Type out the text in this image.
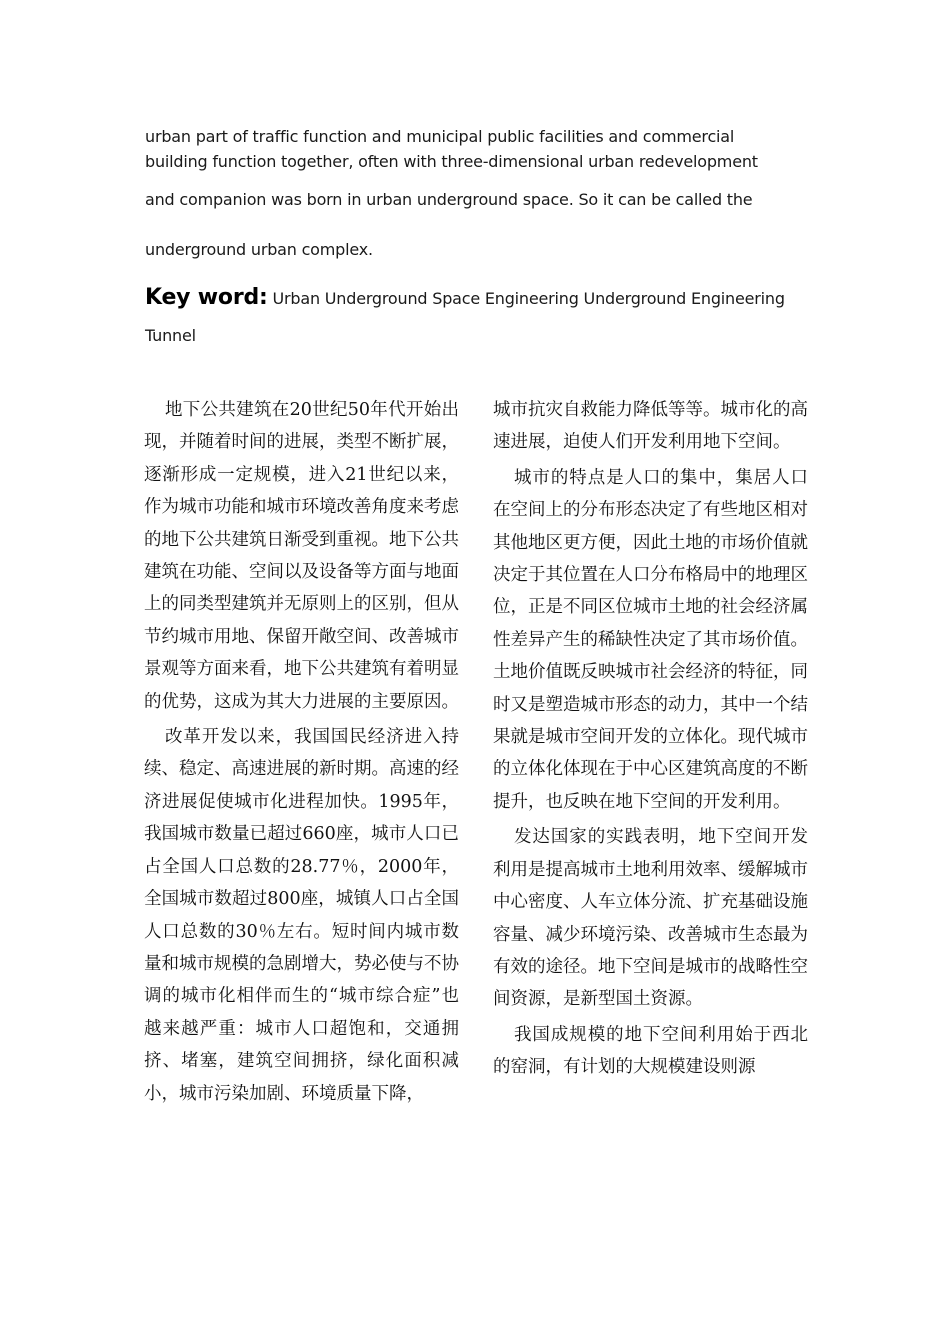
urban part of traffic function and municipal public facilities and commercial
building function together, often with three-dimensional urban redevelopment
and companion was born in urban underground space. So it can be called the
underground urban complex.
Key word: Urban Underground Space Engineering Underground Engineering
Tunnel

地下公共建筑在20世纪50年代开始出现，并随着时间的进展，类型不断扩展，逐渐形成一定规模，进入21世纪以来，作为城市功能和城市环境改善角度来考虑的地下公共建筑日渐受到重视。地下公共建筑在功能、空间以及设备等方面与地面上的同类型建筑并无原则上的区别，但从节约城市用地、保留开敞空间、改善城市景观等方面来看，地下公共建筑有着明显的优势，这成为其大力进展的主要原因。

改革开发以来，我国国民经济进入持续、稳定、高速进展的新时期。高速的经济进展促使城市化进程加快。1995年，我国城市数量已超过660座，城市人口已占全国人口总数的28.77％，2000年，全国城市数超过800座，城镇人口占全国人口总数的30％左右。短时间内城市数量和城市规模的急剧增大，势必使与不协调的城市化相伴而生的“城市综合症”也越来越严重：城市人口超饱和，交通拥挤、堵塞，建筑空间拥挤，绿化面积减小，城市污染加剧、环境质量下降，

城市抗灾自救能力降低等等。城市化的高速进展，迫使人们开发利用地下空间。

城市的特点是人口的集中，集居人口在空间上的分布形态决定了有些地区相对其他地区更方便，因此土地的市场价值就决定于其位置在人口分布格局中的地理区位，正是不同区位城市土地的社会经济属性差异产生的稀缺性决定了其市场价值。土地价值既反映城市社会经济的特征，同时又是塑造城市形态的动力，其中一个结果就是城市空间开发的立体化。现代城市的立体化体现在于中心区建筑高度的不断提升，也反映在地下空间的开发利用。

发达国家的实践表明，地下空间开发利用是提高城市土地利用效率、缓解城市中心密度、人车立体分流、扩充基础设施容量、减少环境污染、改善城市生态最为有效的途径。地下空间是城市的战略性空间资源，是新型国土资源。

我国成规模的地下空间利用始于西北的窑洞，有计划的大规模建设则源
